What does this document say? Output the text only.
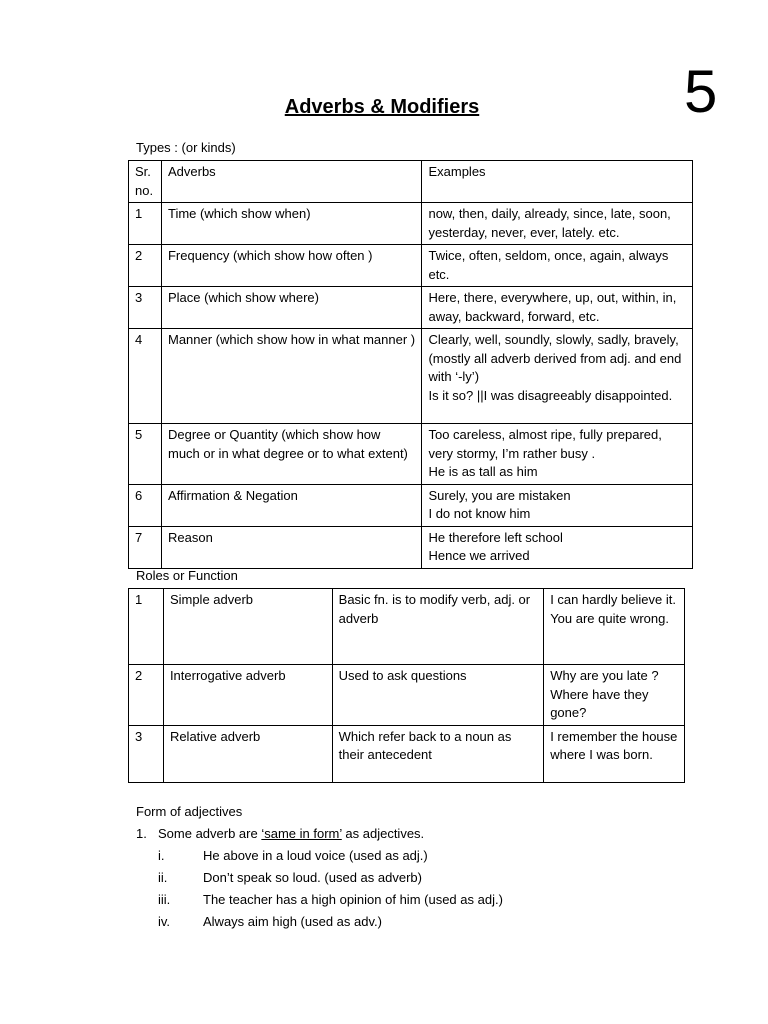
5
Adverbs & Modifiers
Types : (or kinds)
Sr. no.	Adverbs	Examples
1	Time (which show when)	now, then, daily, already, since, late, soon, yesterday, never, ever, lately. etc.

2	Frequency (which show how often )	Twice, often, seldom, once, again, always etc.

3	Place (which show where)	Here, there, everywhere, up, out, within, in, away, backward, forward, etc.

4	Manner (which show how in what manner )	Clearly, well, soundly, slowly, sadly, bravely, (mostly all adverb derived from adj. and end with ‘-ly’)
Is it so? ||I was disagreeably disappointed.

5	Degree or Quantity (which show how much or in what degree or to what extent)	Too careless, almost ripe, fully prepared, very stormy, I’m rather busy .
He is as tall as him

6	Affirmation & Negation	Surely, you are mistaken
I do not know him

7	Reason	He therefore left school
Hence we arrived
Roles or Function
1	Simple adverb	Basic fn. is to modify verb, adj. or adverb	I can hardly believe it.
You are quite wrong.

2	Interrogative adverb	Used to ask questions	Why are you late ?
Where have they gone?

3	Relative adverb	Which refer back to a noun as their antecedent	I remember the house
where I was born.
Form of adjectives
1. Some adverb are ‘same in form’ as adjectives.
i.	He above in a loud voice (used as adj.)
ii.	Don’t speak so loud. (used as adverb)
iii.	The teacher has a high opinion of him (used as adj.)
iv.	Always aim high (used as adv.)
